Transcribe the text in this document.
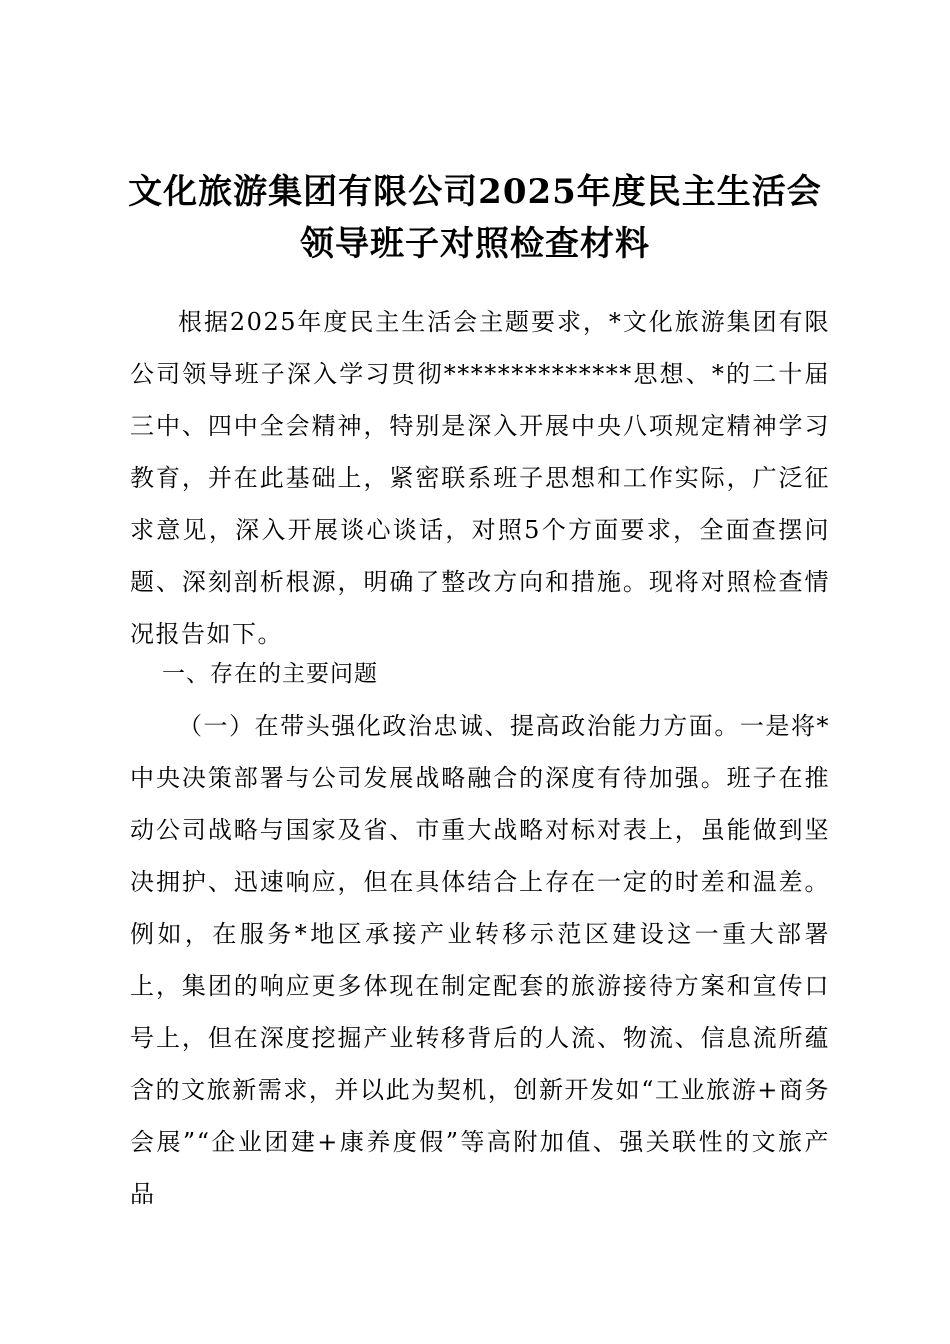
文化旅游集团有限公司2025年度民主生活会
领导班子对照检查材料
根据2025年度民主生活会主题要求，*文化旅游集团有限公司领导班子深入学习贯彻**************思想、*的二十届三中、四中全会精神，特别是深入开展中央八项规定精神学习教育，并在此基础上，紧密联系班子思想和工作实际，广泛征求意见，深入开展谈心谈话，对照5个方面要求，全面查摆问题、深刻剖析根源，明确了整改方向和措施。现将对照检查情况报告如下。
一、存在的主要问题
（一）在带头强化政治忠诚、提高政治能力方面。一是将*中央决策部署与公司发展战略融合的深度有待加强。班子在推动公司战略与国家及省、市重大战略对标对表上，虽能做到坚决拥护、迅速响应，但在具体结合上存在一定的时差和温差。例如，在服务*地区承接产业转移示范区建设这一重大部署上，集团的响应更多体现在制定配套的旅游接待方案和宣传口号上，但在深度挖掘产业转移背后的人流、物流、信息流所蕴含的文旅新需求，并以此为契机，创新开发如“工业旅游+商务会展”“企业团建+康养度假”等高附加值、强关联性的文旅产品
